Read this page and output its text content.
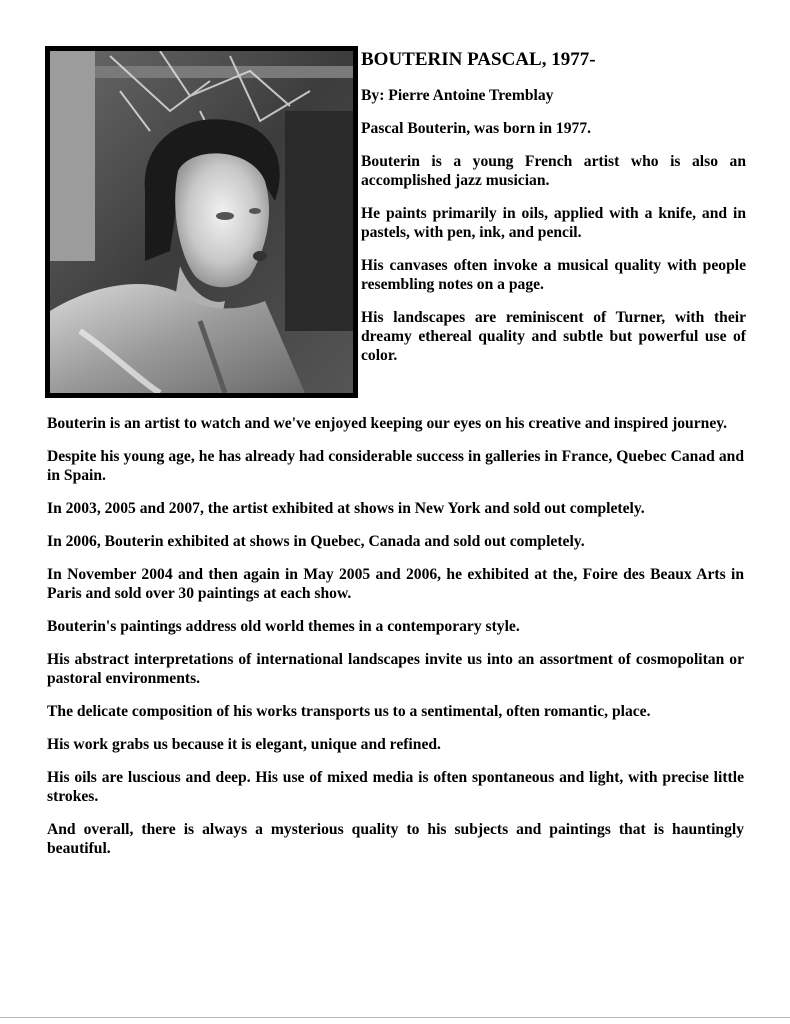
BOUTERIN PASCAL, 1977-

By: Pierre Antoine Tremblay

Pascal Bouterin, was born in 1977.

Bouterin is a young French artist who is also an accomplished jazz musician.

He paints primarily in oils, applied with a knife, and in pastels, with pen, ink, and pencil.

His canvases often invoke a musical quality with people resembling notes on a page.

His landscapes are reminiscent of Turner, with their dreamy ethereal quality and subtle but powerful use of color.

Bouterin is an artist to watch and we've enjoyed keeping our eyes on his creative and inspired journey.

Despite his young age, he has already had considerable success in galleries in France, Quebec Canad and in Spain.

In 2003, 2005 and 2007, the artist exhibited at shows in New York and sold out completely.

In 2006, Bouterin exhibited at shows in Quebec, Canada and sold out completely.

In November 2004 and then again in May 2005 and 2006, he exhibited at the, Foire des Beaux Arts in Paris and sold over 30 paintings at each show.

Bouterin's paintings address old world themes in a contemporary style.

His abstract interpretations of international landscapes invite us into an assortment of cosmopolitan or pastoral environments.

The delicate composition of his works transports us to a sentimental, often romantic, place.

His work grabs us because it is elegant, unique and refined.

His oils are luscious and deep. His use of mixed media is often spontaneous and light, with precise little strokes.

And overall, there is always a mysterious quality to his subjects and paintings that is hauntingly beautiful.
